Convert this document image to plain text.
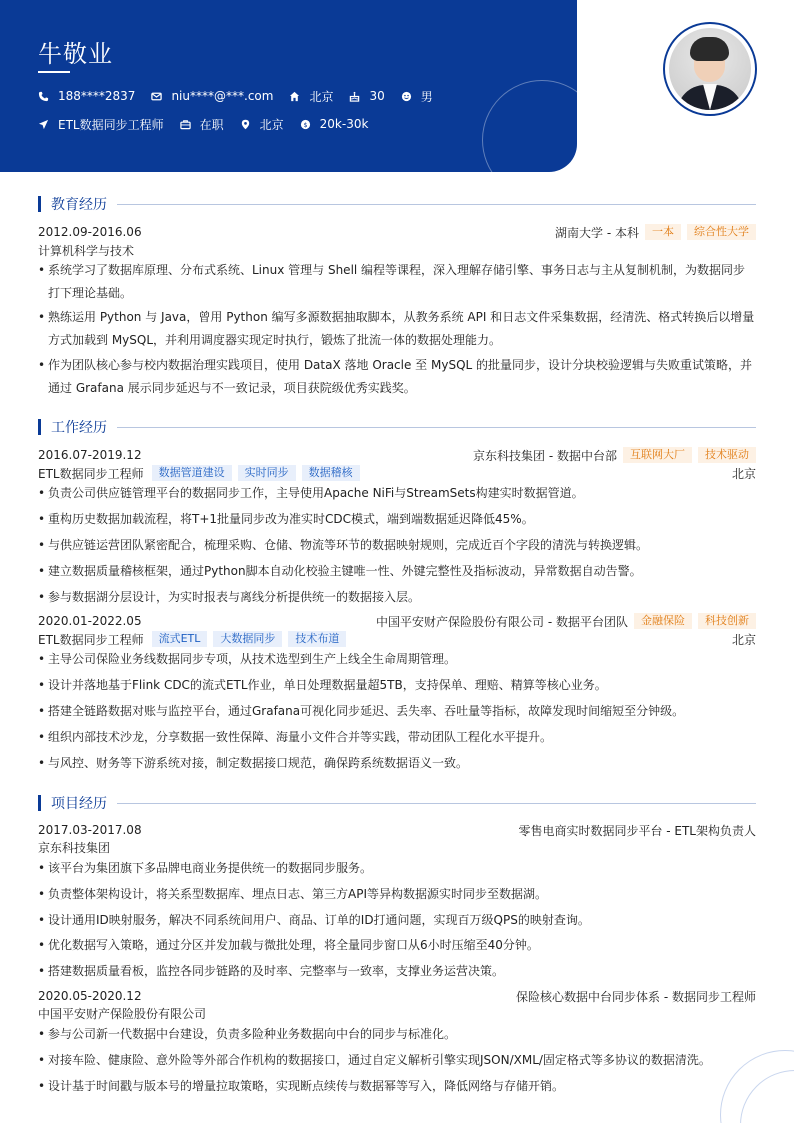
牛敬业
188****2837	niu****@***.com	北京	30	男
ETL数据同步工程师	在职	北京	$ 20k-30k
教育经历
2012.09-2016.06	湖南大学 - 本科	一本	综合性大学
计算机科学与技术
• 系统学习了数据库原理、分布式系统、Linux 管理与 Shell 编程等课程，深入理解存储引擎、事务日志与主从复制机制，为数据同步打下理论基础。
• 熟练运用 Python 与 Java，曾用 Python 编写多源数据抽取脚本，从教务系统 API 和日志文件采集数据，经清洗、格式转换后以增量方式加载到 MySQL，并利用调度器实现定时执行，锻炼了批流一体的数据处理能力。
• 作为团队核心参与校内数据治理实践项目，使用 DataX 落地 Oracle 至 MySQL 的批量同步，设计分块校验逻辑与失败重试策略，并通过 Grafana 展示同步延迟与不一致记录，项目获院级优秀实践奖。
工作经历
2016.07-2019.12	京东科技集团 - 数据中台部	互联网大厂	技术驱动
ETL数据同步工程师	数据管道建设	实时同步	数据稽核	北京
• 负责公司供应链管理平台的数据同步工作，主导使用Apache NiFi与StreamSets构建实时数据管道。
• 重构历史数据加载流程，将T+1批量同步改为准实时CDC模式，端到端数据延迟降低45%。
• 与供应链运营团队紧密配合，梳理采购、仓储、物流等环节的数据映射规则，完成近百个字段的清洗与转换逻辑。
• 建立数据质量稽核框架，通过Python脚本自动化校验主键唯一性、外键完整性及指标波动，异常数据自动告警。
• 参与数据湖分层设计，为实时报表与离线分析提供统一的数据接入层。
2020.01-2022.05	中国平安财产保险股份有限公司 - 数据平台团队	金融保险	科技创新
ETL数据同步工程师	流式ETL	大数据同步	技术布道	北京
• 主导公司保险业务线数据同步专项，从技术选型到生产上线全生命周期管理。
• 设计并落地基于Flink CDC的流式ETL作业，单日处理数据量超5TB，支持保单、理赔、精算等核心业务。
• 搭建全链路数据对账与监控平台，通过Grafana可视化同步延迟、丢失率、吞吐量等指标，故障发现时间缩短至分钟级。
• 组织内部技术沙龙，分享数据一致性保障、海量小文件合并等实践，带动团队工程化水平提升。
• 与风控、财务等下游系统对接，制定数据接口规范，确保跨系统数据语义一致。
项目经历
2017.03-2017.08	零售电商实时数据同步平台 - ETL架构负责人
京东科技集团
• 该平台为集团旗下多品牌电商业务提供统一的数据同步服务。
• 负责整体架构设计，将关系型数据库、埋点日志、第三方API等异构数据源实时同步至数据湖。
• 设计通用ID映射服务，解决不同系统间用户、商品、订单的ID打通问题，实现百万级QPS的映射查询。
• 优化数据写入策略，通过分区并发加载与微批处理，将全量同步窗口从6小时压缩至40分钟。
• 搭建数据质量看板，监控各同步链路的及时率、完整率与一致率，支撑业务运营决策。
2020.05-2020.12	保险核心数据中台同步体系 - 数据同步工程师
中国平安财产保险股份有限公司
• 参与公司新一代数据中台建设，负责多险种业务数据向中台的同步与标准化。
• 对接车险、健康险、意外险等外部合作机构的数据接口，通过自定义解析引擎实现JSON/XML/固定格式等多协议的数据清洗。
• 设计基于时间戳与版本号的增量拉取策略，实现断点续传与数据幂等写入，降低网络与存储开销。
